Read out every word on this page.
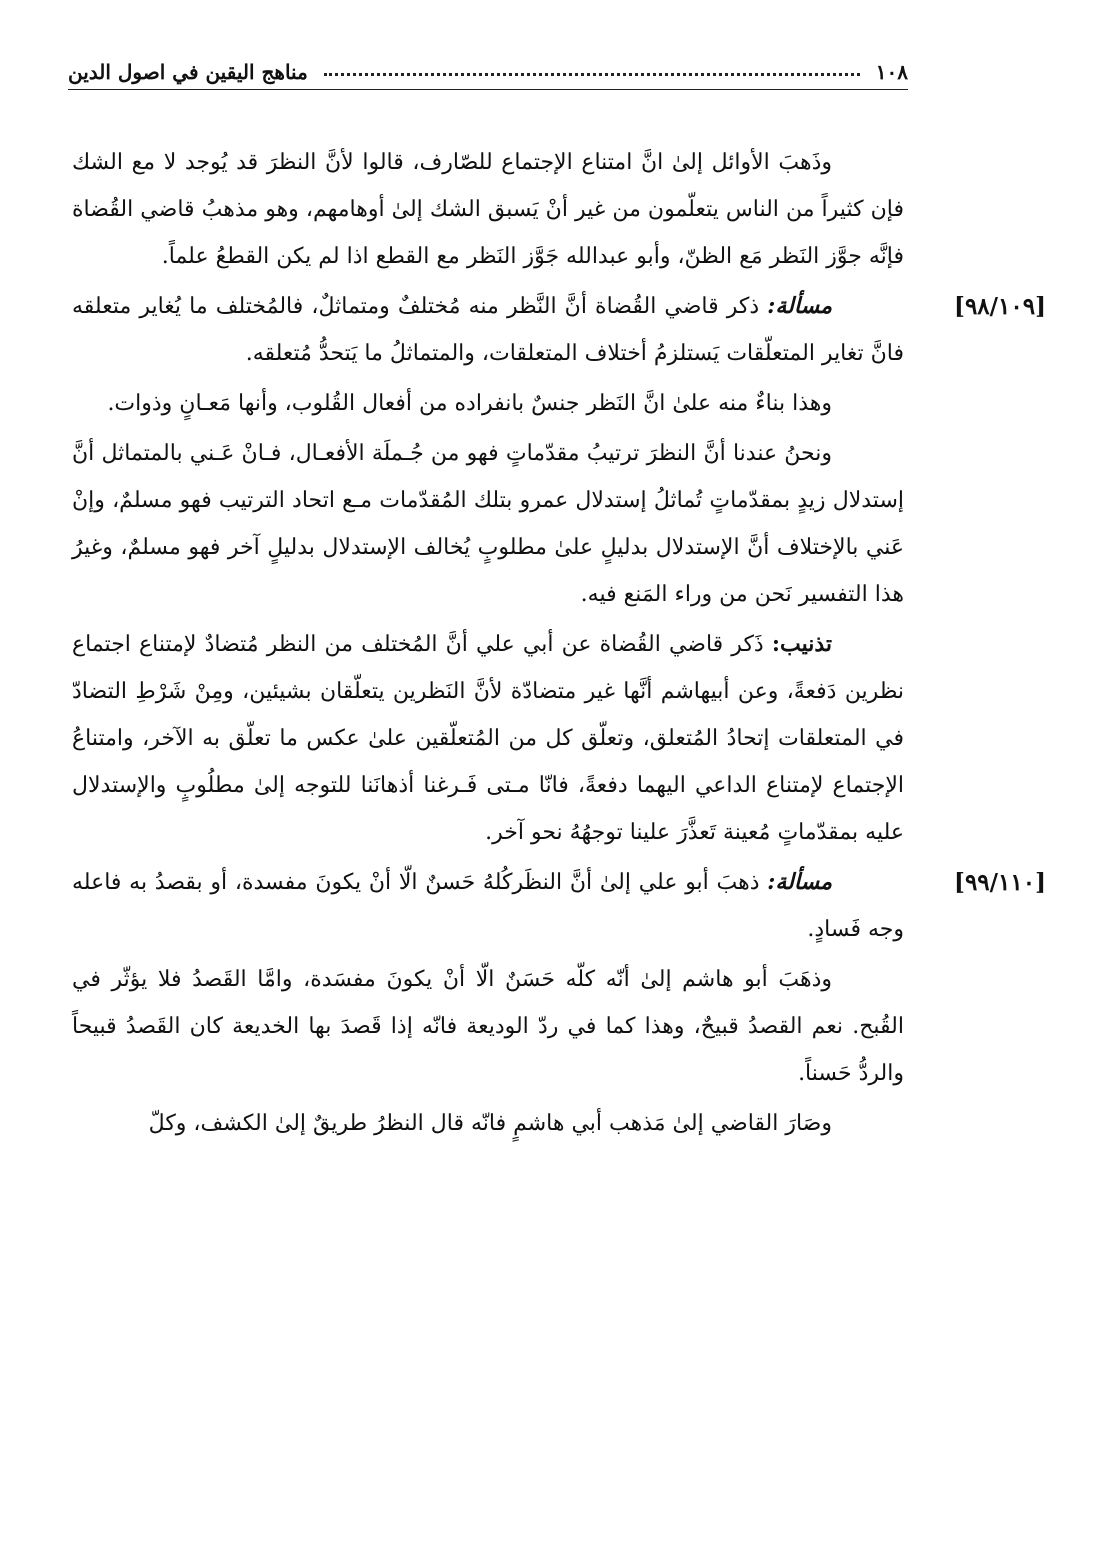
١٠٨
مناهج اليقين في اصول الدين

وذَهبَ الأوائل إلىٰ انَّ امتناع الإجتماع للصّارف، قالوا لأنَّ النظرَ قد يُوجد لا مع الشك فإن كثيراً من الناس يتعلّمون من غير أنْ يَسبق الشك إلىٰ أوهامهم، وهو مذهبُ قاضي القُضاة فإنَّه جوَّز النَظر مَع الظنّ، وأبو عبدالله جَوَّز النَظر مع القطع اذا لم يكن القطعُ علماً.

[٩٨/١٠٩]

مسألة: ذكر قاضي القُضاة أنَّ النَّظر منه مُختلفٌ ومتماثلٌ، فالمُختلف ما يُغاير متعلقه فانَّ تغاير المتعلّقات يَستلزمُ أختلاف المتعلقات، والمتماثلُ ما يَتحدُّ مُتعلقه.

وهذا بناءٌ منه علىٰ انَّ النَظر جنسٌ بانفراده من أفعال القُلوب، وأنها مَعـانٍ وذوات.

ونحنُ عندنا أنَّ النظرَ ترتيبُ مقدّماتٍ فهو من جُـملَة الأفعـال، فـانْ عَـني بالمتماثل أنَّ إستدلال زيدٍ بمقدّماتٍ تُماثلُ إستدلال عمرو بتلك المُقدّمات مـع اتحاد الترتيب فهو مسلمٌ، وإنْ عَني بالإختلاف أنَّ الإستدلال بدليلٍ علىٰ مطلوبٍ يُخالف الإستدلال بدليلٍ آخر فهو مسلمٌ، وغيرُ هذا التفسير نَحن من وراء المَنع فيه.

تذنيب: ذَكر قاضي القُضاة عن أبي علي أنَّ المُختلف من النظر مُتضادٌ لإمتناع اجتماع نظرين دَفعةً، وعن أبيهاشم أنَّها غير متضادّة لأنَّ النَظرين يتعلّقان بشيئين، ومِنْ شَرْطِ التضادّ في المتعلقات إتحادُ المُتعلق، وتعلّق كل من المُتعلّقين علىٰ عكس ما تعلّق به الآخر، وامتناعُ الإجتماع لإمتناع الداعي اليهما دفعةً، فانّا مـتى فَـرغنا أذهانَنا للتوجه إلىٰ مطلُوبٍ والإستدلال عليه بمقدّماتٍ مُعينة تَعذَّرَ علينا توجهُهُ نحو آخر.

[٩٩/١١٠]

مسألة: ذهبَ أبو علي إلىٰ أنَّ النظَركُلهُ حَسنٌ الّا أنْ يكونَ مفسدة، أو بقصدُ به فاعله وجه فَسادٍ.

وذهَبَ أبو هاشم إلىٰ أنّه كلّه حَسَنٌ الّا أنْ يكونَ مفسَدة، وامَّا القَصدُ فلا يؤثّر في القُبح. نعم القصدُ قبيحٌ، وهذا كما في ردّ الوديعة فانّه إذا قَصدَ بها الخديعة كان القَصدُ قبيحاً والردُّ حَسناً.

وصَارَ القاضي إلىٰ مَذهب أبي هاشمٍ فانّه قال النظرُ طريقٌ إلىٰ الكشف، وكلّ
